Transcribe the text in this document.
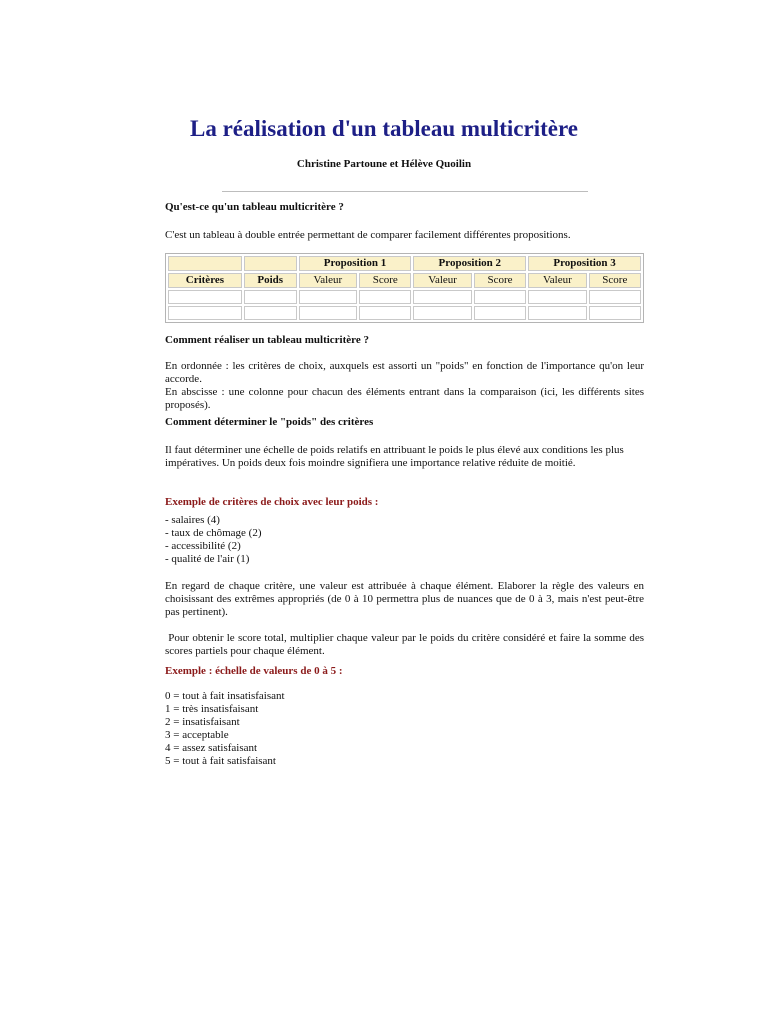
La réalisation d'un tableau multicritère
Christine Partoune et Hélève Quoilin

Qu'est-ce qu'un tableau multicritère ?

C'est un tableau à double entrée permettant de comparer facilement différentes propositions.

		Proposition 1		Proposition 2		Proposition 3	
Critères	Poids	Valeur	Score	Valeur	Score	Valeur	Score

Comment réaliser un tableau multicritère ?

En ordonnée : les critères de choix, auxquels est assorti un "poids" en fonction de l'importance qu'on leur accorde.

En abscisse : une colonne pour chacun des éléments entrant dans la comparaison (ici, les différents sites proposés).

Comment déterminer le "poids" des critères

Il faut déterminer une échelle de poids relatifs en attribuant le poids le plus élevé aux conditions les plus impératives. Un poids deux fois moindre signifiera une importance relative réduite de moitié.

Exemple de critères de choix avec leur poids :

- salaires (4)
- taux de chômage (2)
- accessibilité (2)
- qualité de l'air (1)

En regard de chaque critère, une valeur est attribuée à chaque élément. Elaborer la règle des valeurs en choisissant des extrêmes appropriés (de 0 à 10 permettra plus de nuances que de 0 à 3, mais n'est peut-être pas pertinent).

Pour obtenir le score total, multiplier chaque valeur par le poids du critère considéré et faire la somme des scores partiels pour chaque élément.

Exemple : échelle de valeurs de 0 à 5 :

0 = tout à fait insatisfaisant
1 = très insatisfaisant
2 = insatisfaisant
3 = acceptable
4 = assez satisfaisant
5 = tout à fait satisfaisant
